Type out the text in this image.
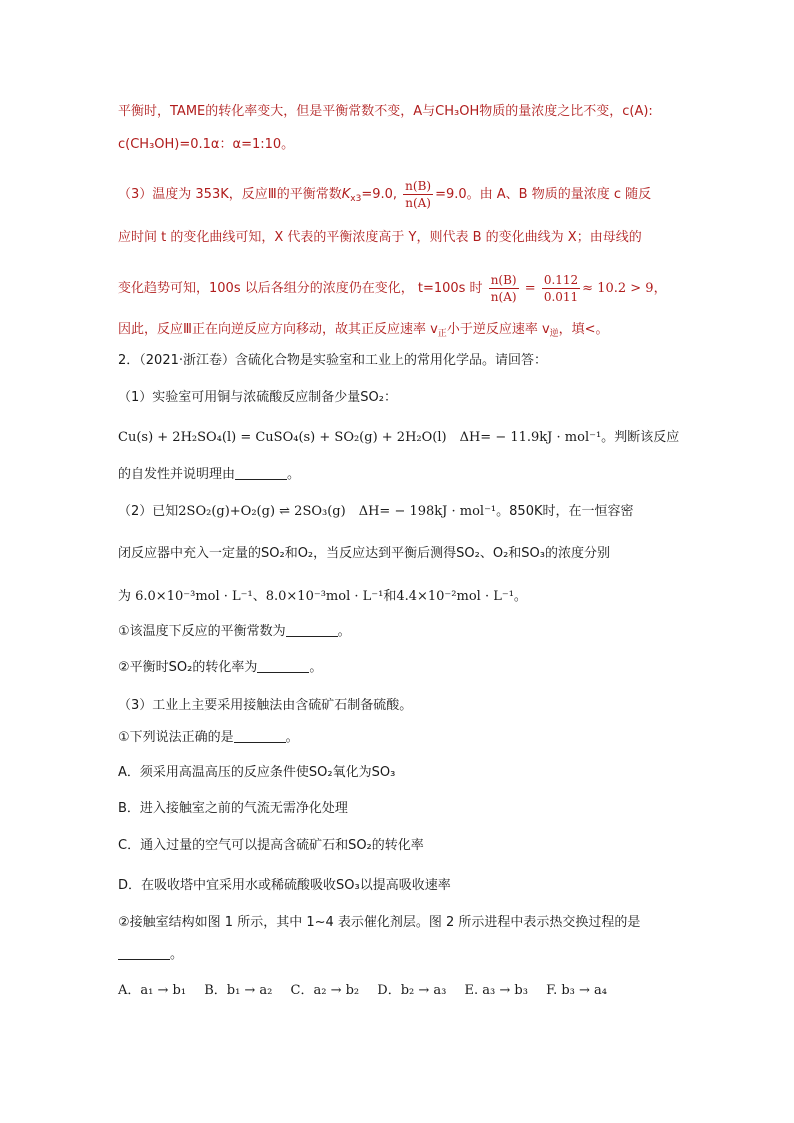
平衡时，TAME的转化率变大，但是平衡常数不变，A与CH₃OH物质的量浓度之比不变，c(A):
c(CH₃OH)=0.1α：α=1:10。
（3）温度为 353K，反应Ⅲ的平衡常数$K_{x3}=9.0$, $\frac{n(B)}{n(A)} =9.0$。由 A、B 物质的量浓度 c 随反
应时间 t 的变化曲线可知，X 代表的平衡浓度高于 Y，则代表 B 的变化曲线为 X；由母线的
变化趋势可知，100s 以后各组分的浓度仍在变化， t=100s 时 $\frac{n(B)}{n(A)} = \frac{0.112}{0.011} \approx 10.2 > 9$，
因此，反应Ⅲ正在向逆反应方向移动，故其正反应速率 $v_正$小于逆反应速率 $v_逆$，填<。
2．（2021·浙江卷）含硫化合物是实验室和工业上的常用化学品。请回答：
（1）实验室可用铜与浓硫酸反应制备少量SO₂：
Cu(s) + 2H₂SO₄(l) = CuSO₄(s) + SO₂(g) + 2H₂O(l)　ΔH= − 11.9kJ · mol⁻¹。判断该反应
的自发性并说明理由	。
（2）已知2SO₂(g)+O₂(g) ⇌ 2SO₃(g)　ΔH= − 198kJ · mol⁻¹。850K时，在一恒容密
闭反应器中充入一定量的SO₂和O₂，当反应达到平衡后测得SO₂、O₂和SO₃的浓度分别
为 6.0×10⁻³mol · L⁻¹、8.0×10⁻³mol · L⁻¹和4.4×10⁻²mol · L⁻¹。
①该温度下反应的平衡常数为	。
②平衡时SO₂的转化率为	。
（3）工业上主要采用接触法由含硫矿石制备硫酸。
①下列说法正确的是	。
A．须采用高温高压的反应条件使SO₂氧化为SO₃
B．进入接触室之前的气流无需净化处理
C．通入过量的空气可以提高含硫矿石和SO₂的转化率
D．在吸收塔中宜采用水或稀硫酸吸收SO₃以提高吸收速率
②接触室结构如图 1 所示，其中 1~4 表示催化剂层。图 2 所示进程中表示热交换过程的是
。
A．a₁ → b₁ B．b₁ → a₂ C．a₂ → b₂ D．b₂ → a₃ E. a₃ → b₃ F. b₃ → a₄
